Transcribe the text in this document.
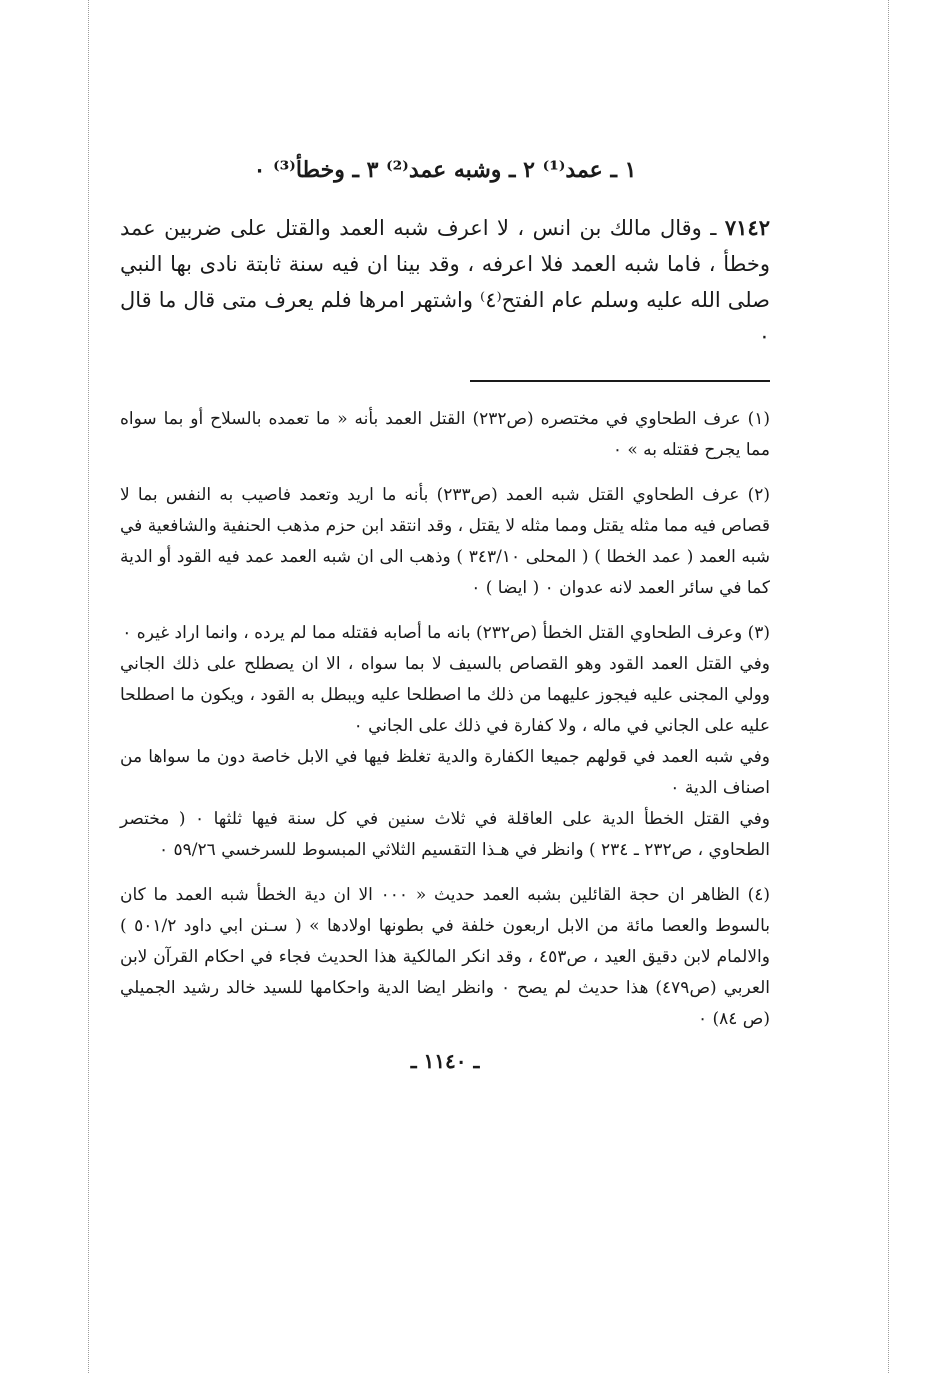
١ ـ عمد⁽¹⁾ ٢ ـ وشبه عمد⁽²⁾ ٣ ـ وخطأ⁽³⁾ ٠

٧١٤٢ ـ وقال مالك بن انس ، لا اعرف شبه العمد والقتل على ضربين عمد وخطأ ، فاما شبه العمد فلا اعرفه ، وقد بينا ان فيه سنة ثابتة نادى بها النبي صلى الله عليه وسلم عام الفتح⁽٤⁾ واشتهر امرها فلم يعرف متى قال ما قال ٠

(١) عرف الطحاوي في مختصره (ص٢٣٢) القتل العمد بأنه « ما تعمده بالسلاح أو بما سواه مما يجرح فقتله به » ٠

(٢) عرف الطحاوي القتل شبه العمد (ص٢٣٣) بأنه ما اريد وتعمد فاصيب به النفس بما لا قصاص فيه مما مثله يقتل ومما مثله لا يقتل ، وقد انتقد ابن حزم مذهب الحنفية والشافعية في شبه العمد ( عمد الخطا ) ( المحلى ٣٤٣/١٠ ) وذهب الى ان شبه العمد عمد فيه القود أو الدية كما في سائر العمد لانه عدوان ٠ ( ايضا ) ٠

(٣) وعرف الطحاوي القتل الخطأ (ص٢٣٢) بانه ما أصابه فقتله مما لم يرده ، وانما اراد غيره ٠

وفي القتل العمد القود وهو القصاص بالسيف لا بما سواه ، الا ان يصطلح على ذلك الجاني وولي المجنى عليه فيجوز عليهما من ذلك ما اصطلحا عليه ويبطل به القود ، ويكون ما اصطلحا عليه على الجاني في ماله ، ولا كفارة في ذلك على الجاني ٠

وفي شبه العمد في قولهم جميعا الكفارة والدية تغلظ فيها في الابل خاصة دون ما سواها من اصناف الدية ٠

وفي القتل الخطأ الدية على العاقلة في ثلاث سنين في كل سنة فيها ثلثها ٠ ( مختصر الطحاوي ، ص٢٣٢ ـ ٢٣٤ ) وانظر في هـذا التقسيم الثلاثي المبسوط للسرخسي ٥٩/٢٦ ٠

(٤) الظاهر ان حجة القائلين بشبه العمد حديث « ٠٠٠ الا ان دية الخطأ شبه العمد ما كان بالسوط والعصا مائة من الابل اربعون خلفة في بطونها اولادها » ( سـنن ابي داود ٥٠١/٢ ) والالمام لابن دقيق العيد ، ص٤٥٣ ، وقد انكر المالكية هذا الحديث فجاء في احكام القرآن لابن العربي (ص٤٧٩) هذا حديث لم يصح ٠ وانظر ايضا الدية واحكامها للسيد خالد رشيد الجميلي (ص ٨٤) ٠

ـ ١١٤٠ ـ
